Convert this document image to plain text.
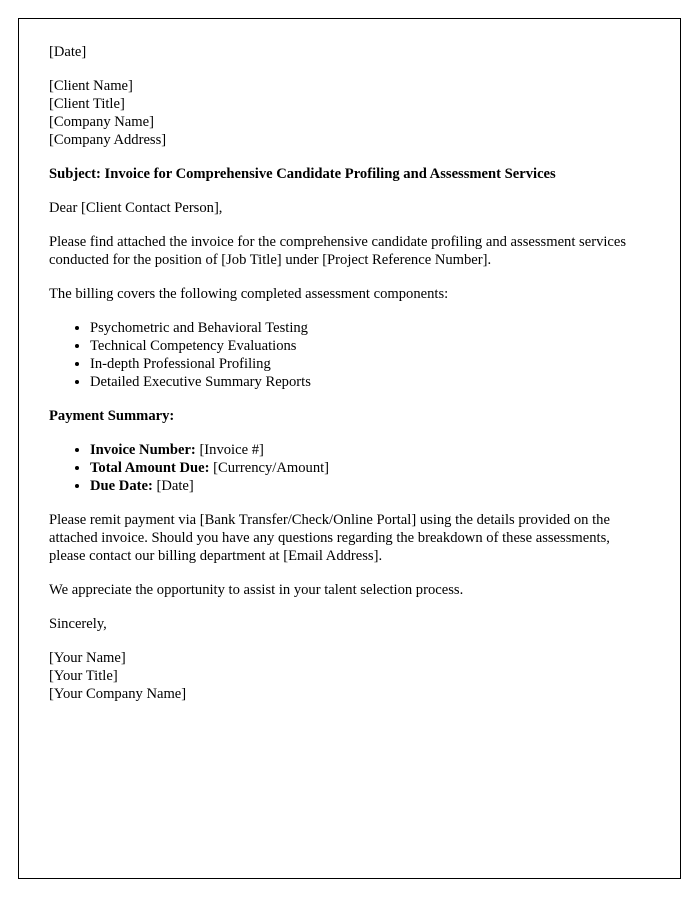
[Date]

[Client Name]
[Client Title]
[Company Name]
[Company Address]

Subject: Invoice for Comprehensive Candidate Profiling and Assessment Services

Dear [Client Contact Person],

Please find attached the invoice for the comprehensive candidate profiling and assessment services conducted for the position of [Job Title] under [Project Reference Number].

The billing covers the following completed assessment components:

• Psychometric and Behavioral Testing
• Technical Competency Evaluations
• In-depth Professional Profiling
• Detailed Executive Summary Reports

Payment Summary:

• Invoice Number: [Invoice #]
• Total Amount Due: [Currency/Amount]
• Due Date: [Date]

Please remit payment via [Bank Transfer/Check/Online Portal] using the details provided on the attached invoice. Should you have any questions regarding the breakdown of these assessments, please contact our billing department at [Email Address].

We appreciate the opportunity to assist in your talent selection process.

Sincerely,

[Your Name]
[Your Title]
[Your Company Name]
